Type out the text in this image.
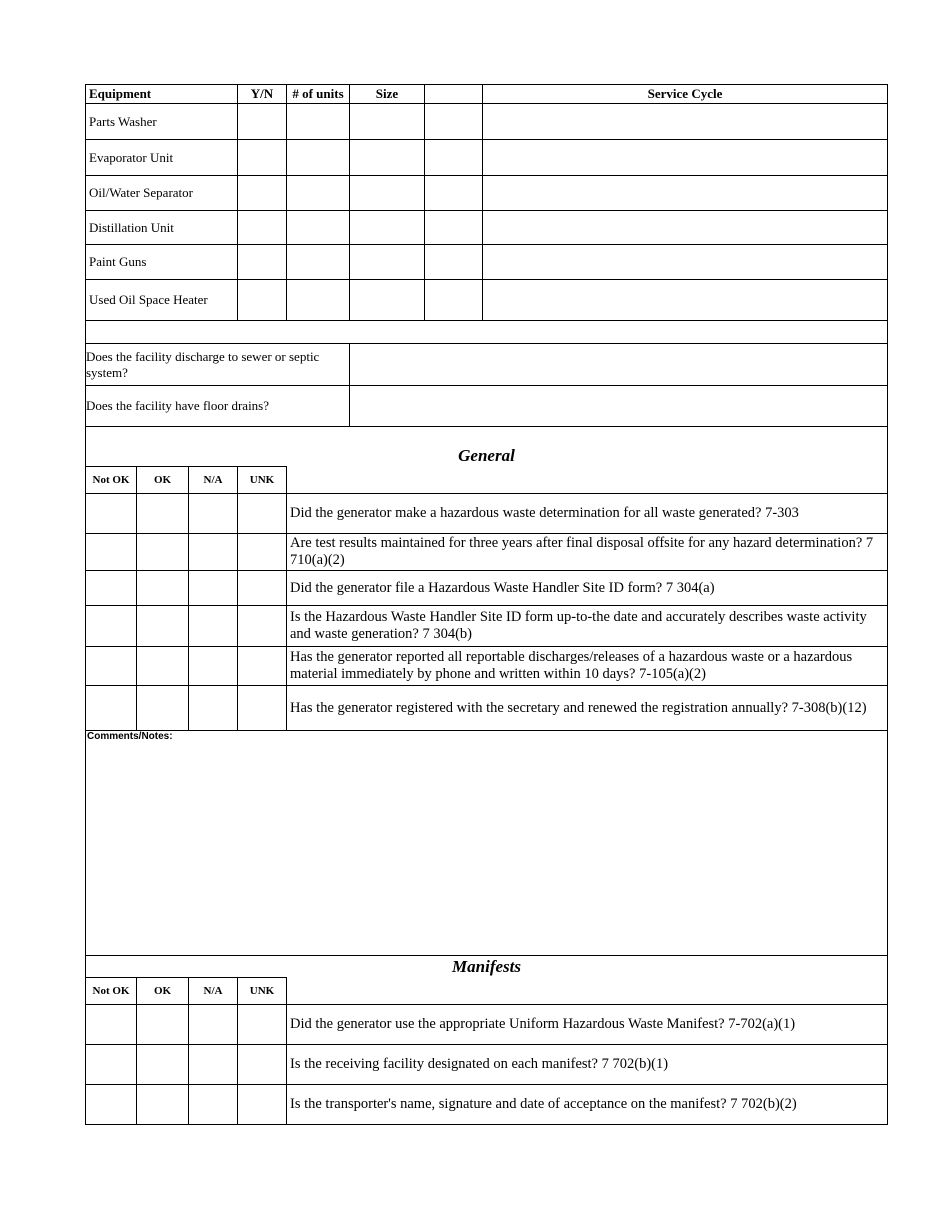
Equipment	Y/N	# of units	Size		Service Cycle
Parts Washer					
Evaporator Unit					
Oil/Water Separator					
Distillation Unit					
Paint Guns					
Used Oil Space Heater					

Does the facility discharge to sewer or septic system?	
Does the facility have floor drains?	
General				
Not OK	OK	N/A	UNK	
				Did the generator make a hazardous waste determination for all waste generated? 7-303
				Are test results maintained for three years after final disposal offsite for any hazard determination? 7 710(a)(2)
				Did the generator file a Hazardous Waste Handler Site ID form? 7 304(a)
				Is the Hazardous Waste Handler Site ID form up-to-the date and accurately describes waste activity and waste generation? 7 304(b)
				Has the generator reported all reportable discharges/releases of a hazardous waste or a hazardous material immediately by phone and written within 10 days? 7-105(a)(2)
				Has the generator registered with the secretary and renewed the registration annually? 7-308(b)(12)
Comments/Notes:				
Manifests				
Not OK	OK	N/A	UNK	
				Did the generator use the appropriate Uniform Hazardous Waste Manifest? 7-702(a)(1)
				Is the receiving facility designated on each manifest? 7 702(b)(1)
				Is the transporter's name, signature and date of acceptance on the manifest? 7 702(b)(2)
